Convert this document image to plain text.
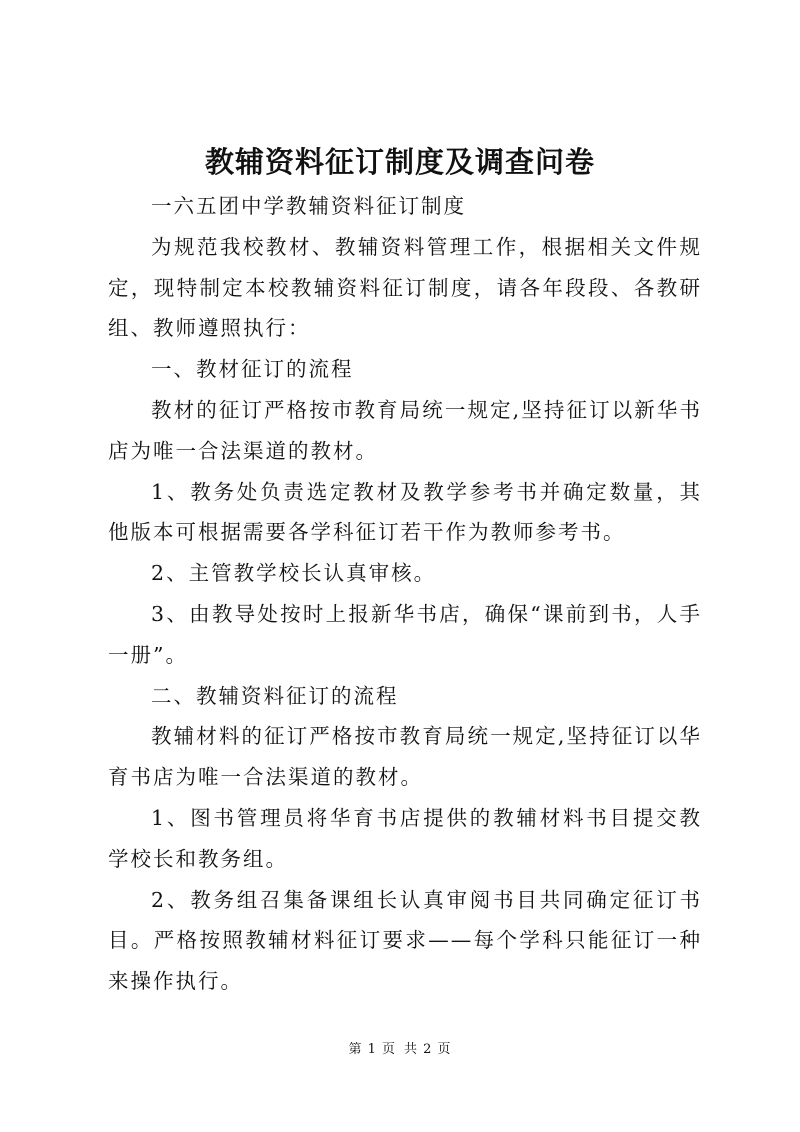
教辅资料征订制度及调查问卷

一六五团中学教辅资料征订制度

为规范我校教材、教辅资料管理工作，根据相关文件规定，现特制定本校教辅资料征订制度，请各年段段、各教研组、教师遵照执行：

一、教材征订的流程

教材的征订严格按市教育局统一规定,坚持征订以新华书店为唯一合法渠道的教材。

1、教务处负责选定教材及教学参考书并确定数量，其他版本可根据需要各学科征订若干作为教师参考书。

2、主管教学校长认真审核。

3、由教导处按时上报新华书店，确保“课前到书，人手一册”。

二、教辅资料征订的流程

教辅材料的征订严格按市教育局统一规定,坚持征订以华育书店为唯一合法渠道的教材。

1、图书管理员将华育书店提供的教辅材料书目提交教学校长和教务组。

2、教务组召集备课组长认真审阅书目共同确定征订书目。严格按照教辅材料征订要求——每个学科只能征订一种来操作执行。

第 1 页 共 2 页
